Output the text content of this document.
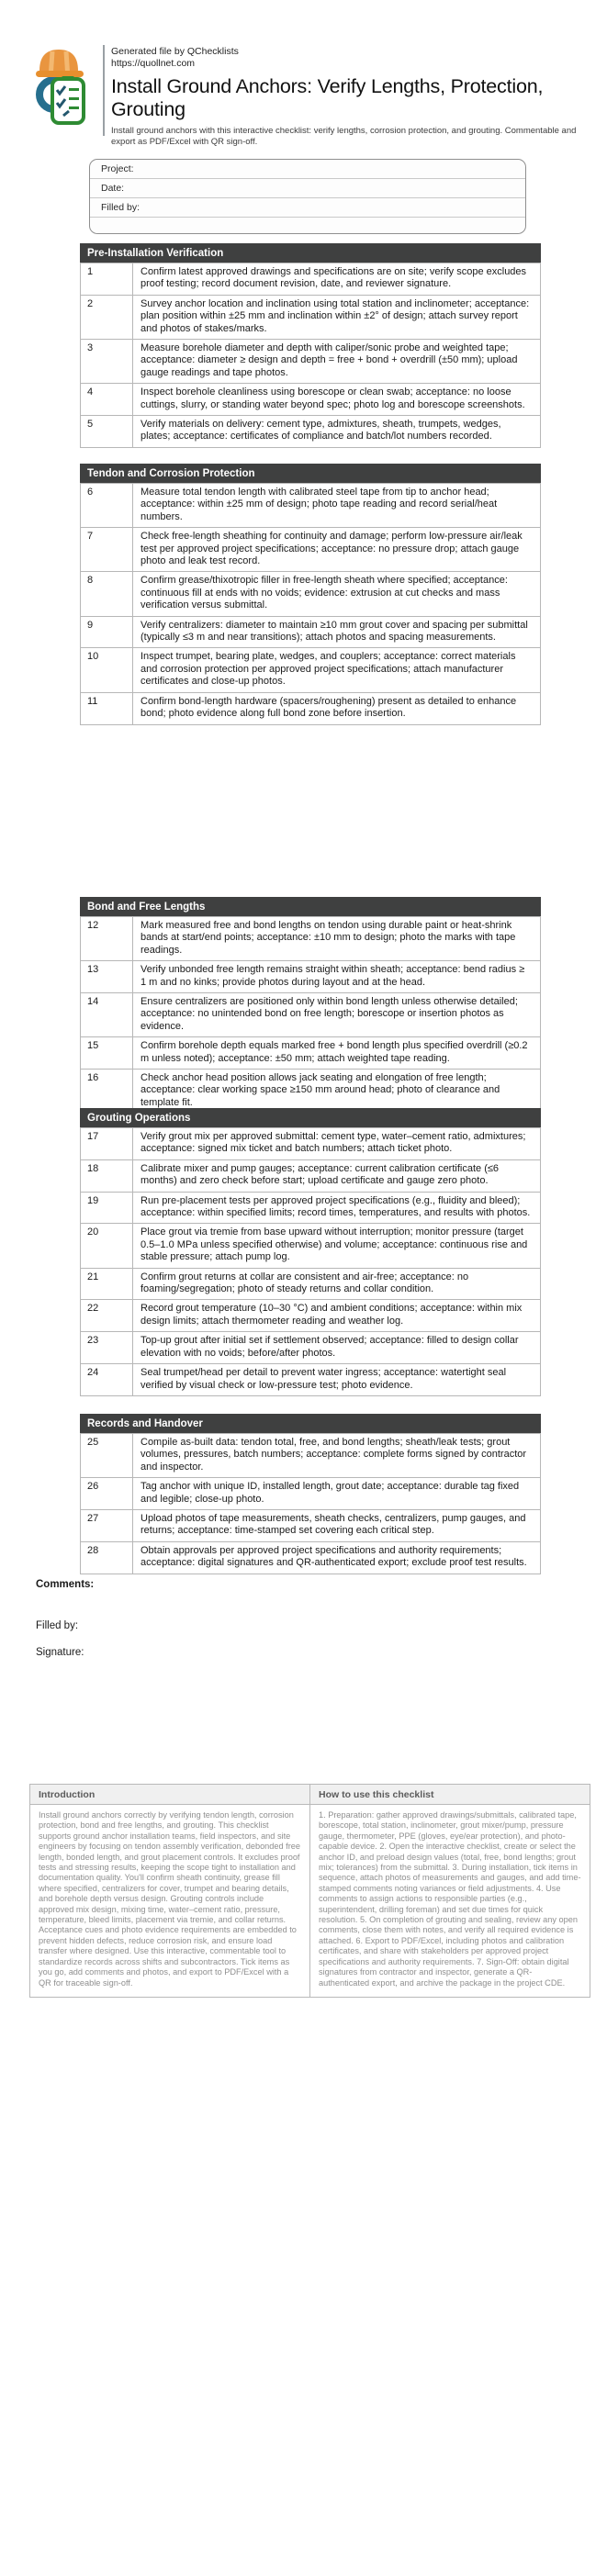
Generated file by QChecklists
https://quollnet.com
Install Ground Anchors: Verify Lengths, Protection, Grouting
Install ground anchors with this interactive checklist: verify lengths, corrosion protection, and grouting. Commentable and export as PDF/Excel with QR sign-off.
Project:
Date:
Filled by:
Pre-Installation Verification
1	Confirm latest approved drawings and specifications are on site; verify scope excludes proof testing; record document revision, date, and reviewer signature.
2	Survey anchor location and inclination using total station and inclinometer; acceptance: plan position within ±25 mm and inclination within ±2° of design; attach survey report and photos of stakes/marks.
3	Measure borehole diameter and depth with caliper/sonic probe and weighted tape; acceptance: diameter ≥ design and depth = free + bond + overdrill (±50 mm); upload gauge readings and tape photos.
4	Inspect borehole cleanliness using borescope or clean swab; acceptance: no loose cuttings, slurry, or standing water beyond spec; photo log and borescope screenshots.
5	Verify materials on delivery: cement type, admixtures, sheath, trumpets, wedges, plates; acceptance: certificates of compliance and batch/lot numbers recorded.
Tendon and Corrosion Protection
6	Measure total tendon length with calibrated steel tape from tip to anchor head; acceptance: within ±25 mm of design; photo tape reading and record serial/heat numbers.
7	Check free-length sheathing for continuity and damage; perform low-pressure air/leak test per approved project specifications; acceptance: no pressure drop; attach gauge photo and leak test record.
8	Confirm grease/thixotropic filler in free-length sheath where specified; acceptance: continuous fill at ends with no voids; evidence: extrusion at cut checks and mass verification versus submittal.
9	Verify centralizers: diameter to maintain ≥10 mm grout cover and spacing per submittal (typically ≤3 m and near transitions); attach photos and spacing measurements.
10	Inspect trumpet, bearing plate, wedges, and couplers; acceptance: correct materials and corrosion protection per approved project specifications; attach manufacturer certificates and close-up photos.
11	Confirm bond-length hardware (spacers/roughening) present as detailed to enhance bond; photo evidence along full bond zone before insertion.
Bond and Free Lengths
12	Mark measured free and bond lengths on tendon using durable paint or heat-shrink bands at start/end points; acceptance: ±10 mm to design; photo the marks with tape readings.
13	Verify unbonded free length remains straight within sheath; acceptance: bend radius ≥ 1 m and no kinks; provide photos during layout and at the head.
14	Ensure centralizers are positioned only within bond length unless otherwise detailed; acceptance: no unintended bond on free length; borescope or insertion photos as evidence.
15	Confirm borehole depth equals marked free + bond length plus specified overdrill (≥0.2 m unless noted); acceptance: ±50 mm; attach weighted tape reading.
16	Check anchor head position allows jack seating and elongation of free length; acceptance: clear working space ≥150 mm around head; photo of clearance and template fit.
Grouting Operations
17	Verify grout mix per approved submittal: cement type, water–cement ratio, admixtures; acceptance: signed mix ticket and batch numbers; attach ticket photo.
18	Calibrate mixer and pump gauges; acceptance: current calibration certificate (≤6 months) and zero check before start; upload certificate and gauge zero photo.
19	Run pre-placement tests per approved project specifications (e.g., fluidity and bleed); acceptance: within specified limits; record times, temperatures, and results with photos.
20	Place grout via tremie from base upward without interruption; monitor pressure (target 0.5–1.0 MPa unless specified otherwise) and volume; acceptance: continuous rise and stable pressure; attach pump log.
21	Confirm grout returns at collar are consistent and air-free; acceptance: no foaming/segregation; photo of steady returns and collar condition.
22	Record grout temperature (10–30 °C) and ambient conditions; acceptance: within mix design limits; attach thermometer reading and weather log.
23	Top-up grout after initial set if settlement observed; acceptance: filled to design collar elevation with no voids; before/after photos.
24	Seal trumpet/head per detail to prevent water ingress; acceptance: watertight seal verified by visual check or low-pressure test; photo evidence.
Records and Handover
25	Compile as-built data: tendon total, free, and bond lengths; sheath/leak tests; grout volumes, pressures, batch numbers; acceptance: complete forms signed by contractor and inspector.
26	Tag anchor with unique ID, installed length, grout date; acceptance: durable tag fixed and legible; close-up photo.
27	Upload photos of tape measurements, sheath checks, centralizers, pump gauges, and returns; acceptance: time-stamped set covering each critical step.
28	Obtain approvals per approved project specifications and authority requirements; acceptance: digital signatures and QR-authenticated export; exclude proof test results.
Comments:
Filled by:
Signature:
Introduction	How to use this checklist
Install ground anchors correctly by verifying tendon length, corrosion protection, bond and free lengths, and grouting. This checklist supports ground anchor installation teams, field inspectors, and site engineers by focusing on tendon assembly verification, debonded free length, bonded length, and grout placement controls. It excludes proof tests and stressing results, keeping the scope tight to installation and documentation quality. You'll confirm sheath continuity, grease fill where specified, centralizers for cover, trumpet and bearing details, and borehole depth versus design. Grouting controls include approved mix design, mixing time, water–cement ratio, pressure, temperature, bleed limits, placement via tremie, and collar returns. Acceptance cues and photo evidence requirements are embedded to prevent hidden defects, reduce corrosion risk, and ensure load transfer where designed. Use this interactive, commentable tool to standardize records across shifts and subcontractors. Tick items as you go, add comments and photos, and export to PDF/Excel with a QR for traceable sign-off.	1. Preparation: gather approved drawings/submittals, calibrated tape, borescope, total station, inclinometer, grout mixer/pump, pressure gauge, thermometer, PPE (gloves, eye/ear protection), and photo-capable device. 2. Open the interactive checklist, create or select the anchor ID, and preload design values (total, free, bond lengths; grout mix; tolerances) from the submittal. 3. During installation, tick items in sequence, attach photos of measurements and gauges, and add time-stamped comments noting variances or field adjustments. 4. Use comments to assign actions to responsible parties (e.g., superintendent, drilling foreman) and set due times for quick resolution. 5. On completion of grouting and sealing, review any open comments, close them with notes, and verify all required evidence is attached. 6. Export to PDF/Excel, including photos and calibration certificates, and share with stakeholders per approved project specifications and authority requirements. 7. Sign-Off: obtain digital signatures from contractor and inspector, generate a QR-authenticated export, and archive the package in the project CDE.
